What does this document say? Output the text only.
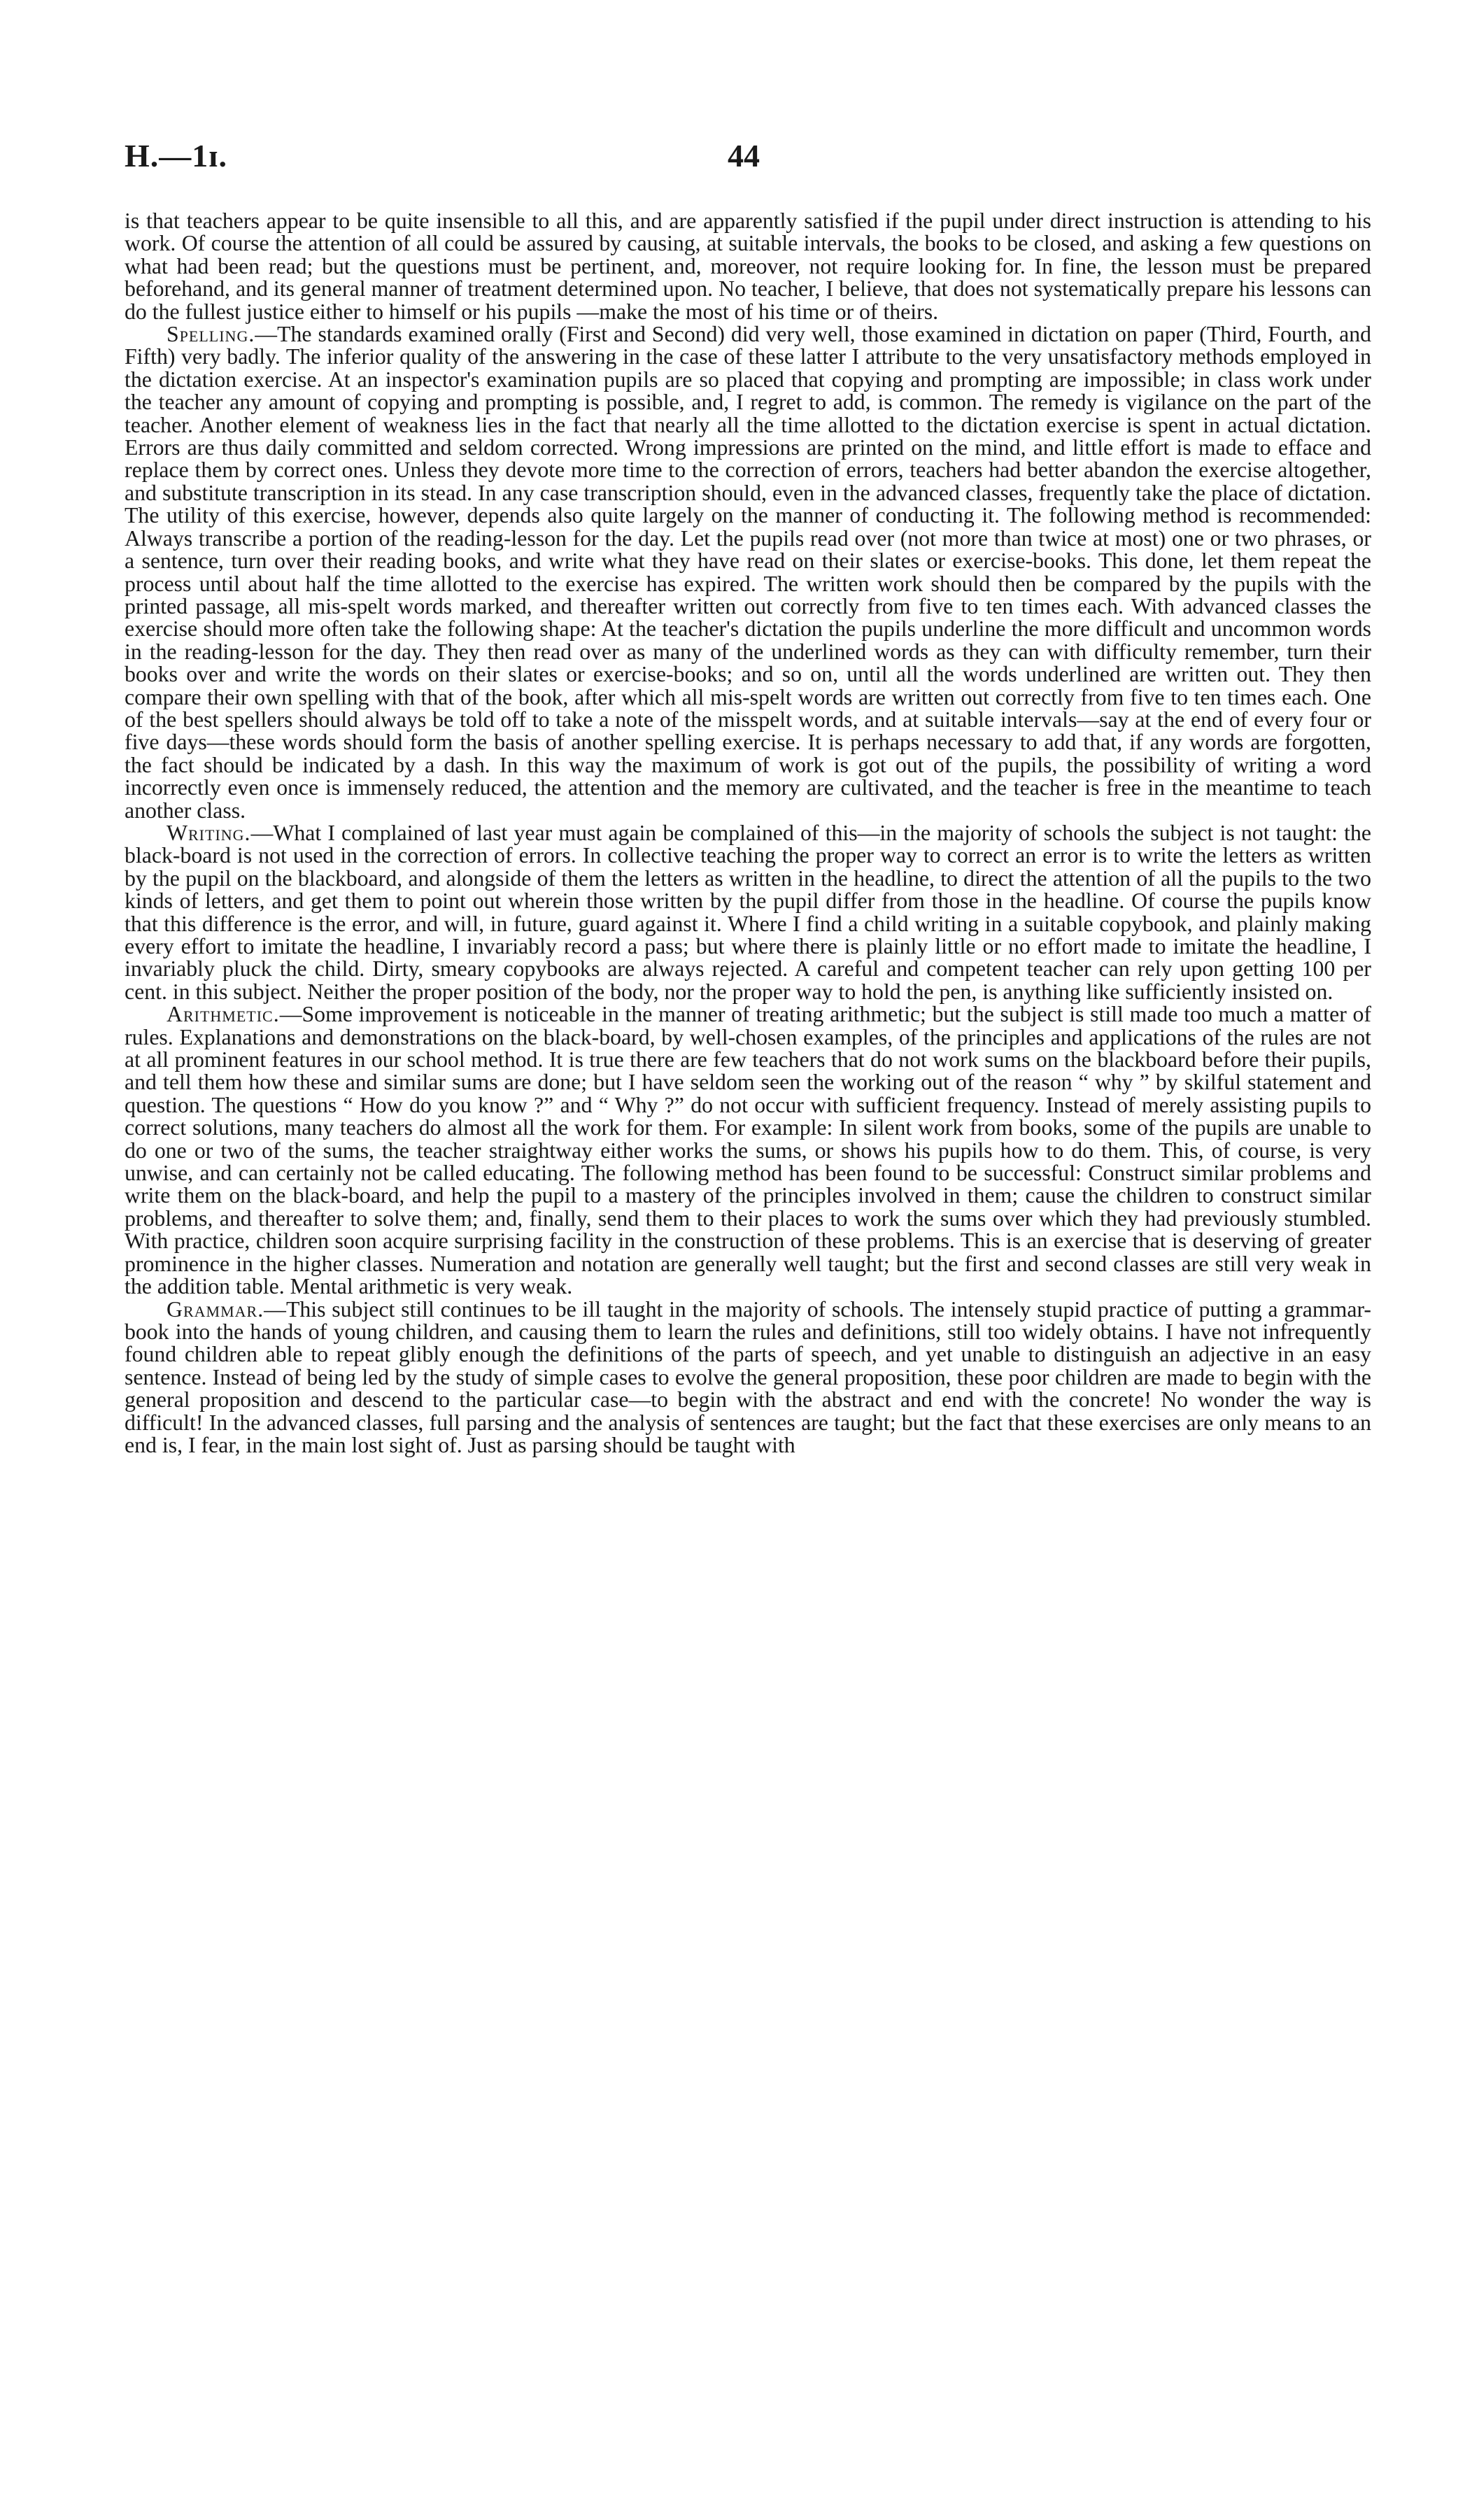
H.—1ɪ.	44

is that teachers appear to be quite insensible to all this, and are apparently satisfied if the pupil under direct instruction is attending to his work. Of course the attention of all could be assured by causing, at suitable intervals, the books to be closed, and asking a few questions on what had been read; but the questions must be pertinent, and, moreover, not require looking for. In fine, the lesson must be prepared beforehand, and its general manner of treatment determined upon. No teacher, I believe, that does not systematically prepare his lessons can do the fullest justice either to himself or his pupils —make the most of his time or of theirs.

Spelling.—The standards examined orally (First and Second) did very well, those examined in dictation on paper (Third, Fourth, and Fifth) very badly. The inferior quality of the answering in the case of these latter I attribute to the very unsatisfactory methods employed in the dictation exercise. At an inspector's examination pupils are so placed that copying and prompting are impossible; in class work under the teacher any amount of copying and prompting is possible, and, I regret to add, is common. The remedy is vigilance on the part of the teacher. Another element of weakness lies in the fact that nearly all the time allotted to the dictation exercise is spent in actual dictation. Errors are thus daily committed and seldom corrected. Wrong impressions are printed on the mind, and little effort is made to efface and replace them by correct ones. Unless they devote more time to the correction of errors, teachers had better abandon the exercise altogether, and substitute transcription in its stead. In any case transcription should, even in the advanced classes, frequently take the place of dictation. The utility of this exercise, however, depends also quite largely on the manner of conducting it. The following method is recommended: Always transcribe a portion of the reading-lesson for the day. Let the pupils read over (not more than twice at most) one or two phrases, or a sentence, turn over their reading books, and write what they have read on their slates or exercise-books. This done, let them repeat the process until about half the time allotted to the exercise has expired. The written work should then be compared by the pupils with the printed passage, all mis-spelt words marked, and thereafter written out correctly from five to ten times each. With advanced classes the exercise should more often take the following shape: At the teacher's dictation the pupils underline the more difficult and uncommon words in the reading-lesson for the day. They then read over as many of the underlined words as they can with difficulty remember, turn their books over and write the words on their slates or exercise-books; and so on, until all the words underlined are written out. They then compare their own spelling with that of the book, after which all mis-spelt words are written out correctly from five to ten times each. One of the best spellers should always be told off to take a note of the misspelt words, and at suitable intervals—say at the end of every four or five days—these words should form the basis of another spelling exercise. It is perhaps necessary to add that, if any words are forgotten, the fact should be indicated by a dash. In this way the maximum of work is got out of the pupils, the possibility of writing a word incorrectly even once is immensely reduced, the attention and the memory are cultivated, and the teacher is free in the meantime to teach another class.

Writing.—What I complained of last year must again be complained of this—in the majority of schools the subject is not taught: the black-board is not used in the correction of errors. In collective teaching the proper way to correct an error is to write the letters as written by the pupil on the blackboard, and alongside of them the letters as written in the headline, to direct the attention of all the pupils to the two kinds of letters, and get them to point out wherein those written by the pupil differ from those in the headline. Of course the pupils know that this difference is the error, and will, in future, guard against it. Where I find a child writing in a suitable copybook, and plainly making every effort to imitate the headline, I invariably record a pass; but where there is plainly little or no effort made to imitate the headline, I invariably pluck the child. Dirty, smeary copybooks are always rejected. A careful and competent teacher can rely upon getting 100 per cent. in this subject. Neither the proper position of the body, nor the proper way to hold the pen, is anything like sufficiently insisted on.

Arithmetic.—Some improvement is noticeable in the manner of treating arithmetic; but the subject is still made too much a matter of rules. Explanations and demonstrations on the black-board, by well-chosen examples, of the principles and applications of the rules are not at all prominent features in our school method. It is true there are few teachers that do not work sums on the blackboard before their pupils, and tell them how these and similar sums are done; but I have seldom seen the working out of the reason “ why ” by skilful statement and question. The questions “ How do you know ?” and “ Why ?” do not occur with sufficient frequency. Instead of merely assisting pupils to correct solutions, many teachers do almost all the work for them. For example: In silent work from books, some of the pupils are unable to do one or two of the sums, the teacher straightway either works the sums, or shows his pupils how to do them. This, of course, is very unwise, and can certainly not be called educating. The following method has been found to be successful: Construct similar problems and write them on the black-board, and help the pupil to a mastery of the principles involved in them; cause the children to construct similar problems, and thereafter to solve them; and, finally, send them to their places to work the sums over which they had previously stumbled. With practice, children soon acquire surprising facility in the construction of these problems. This is an exercise that is deserving of greater prominence in the higher classes. Numeration and notation are generally well taught; but the first and second classes are still very weak in the addition table. Mental arithmetic is very weak.

Grammar.—This subject still continues to be ill taught in the majority of schools. The intensely stupid practice of putting a grammar-book into the hands of young children, and causing them to learn the rules and definitions, still too widely obtains. I have not infrequently found children able to repeat glibly enough the definitions of the parts of speech, and yet unable to distinguish an adjective in an easy sentence. Instead of being led by the study of simple cases to evolve the general proposition, these poor children are made to begin with the general proposition and descend to the particular case—to begin with the abstract and end with the concrete! No wonder the way is difficult! In the advanced classes, full parsing and the analysis of sentences are taught; but the fact that these exercises are only means to an end is, I fear, in the main lost sight of. Just as parsing should be taught with
